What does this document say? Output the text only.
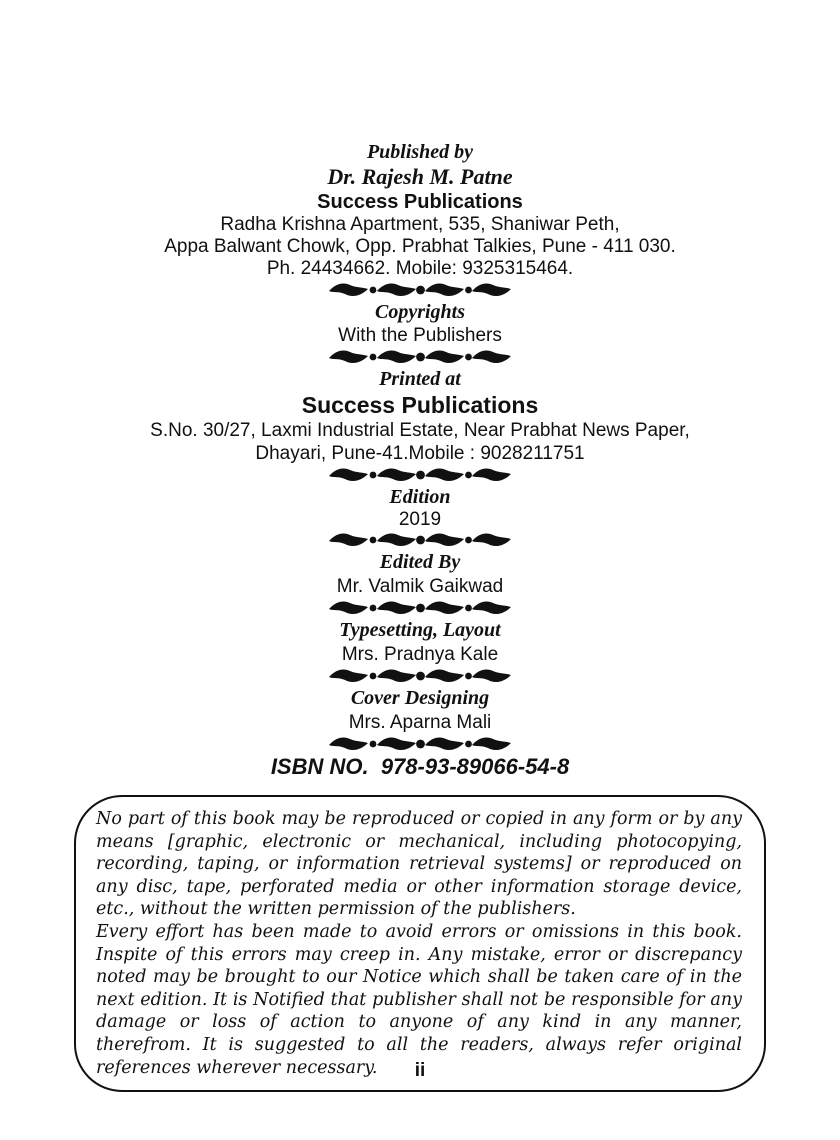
Published by
Dr. Rajesh M. Patne
Success Publications
Radha Krishna Apartment, 535, Shaniwar Peth,
Appa Balwant Chowk, Opp. Prabhat Talkies, Pune - 411 030.
Ph. 24434662. Mobile: 9325315464.
Copyrights
With the Publishers
Printed at
Success Publications
S.No. 30/27, Laxmi Industrial Estate, Near Prabhat News Paper,
Dhayari, Pune-41.Mobile : 9028211751
Edition
2019
Edited By
Mr. Valmik Gaikwad
Typesetting, Layout
Mrs. Pradnya Kale
Cover Designing
Mrs. Aparna Mali
ISBN NO.  978-93-89066-54-8

No part of this book may be reproduced or copied in any form or by any means [graphic, electronic or mechanical, including photocopying, recording, taping, or information retrieval systems] or reproduced on any disc, tape, perforated media or other information storage device, etc., without the written permission of the publishers.

Every effort has been made to avoid errors or omissions in this book. Inspite of this errors may creep in. Any mistake, error or discrepancy noted may be brought to our Notice which shall be taken care of in the next edition. It is Notified that publisher shall not be responsible for any damage or loss of action to anyone of any kind in any manner, therefrom. It is suggested to all the readers, always refer original references wherever necessary.	ii
